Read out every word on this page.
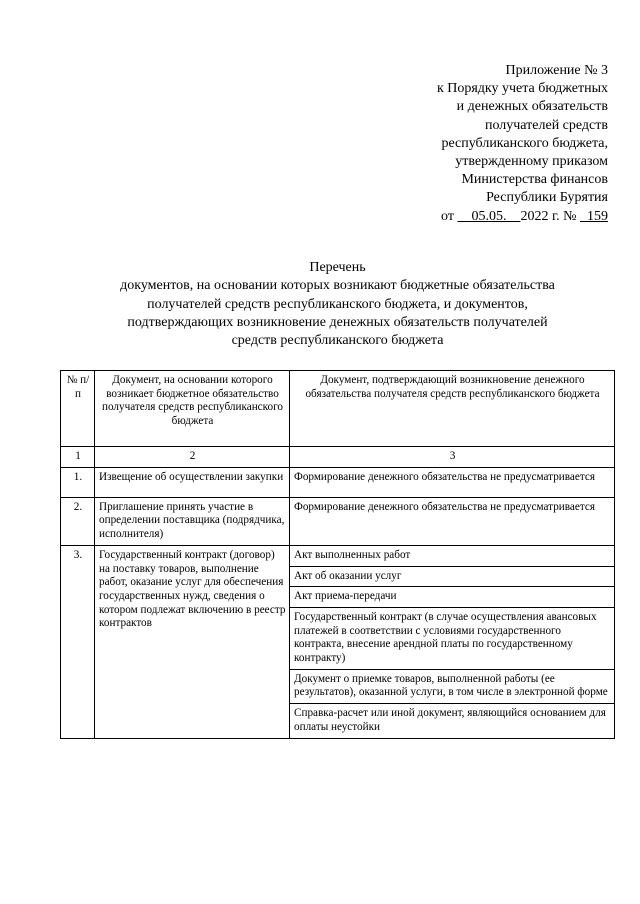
Приложение № 3
к Порядку учета бюджетных
и денежных обязательств
получателей средств
республиканского бюджета,
утвержденному приказом
Министерства финансов
Республики Бурятия
от 05.05. 2022 г. № 159
Перечень
документов, на основании которых возникают бюджетные обязательства
получателей средств республиканского бюджета, и документов,
подтверждающих возникновение денежных обязательств получателей
средств республиканского бюджета
№ п/п	Документ, на основании которого возникает бюджетное обязательство получателя средств республиканского бюджета	Документ, подтверждающий возникновение денежного обязательства получателя средств республиканского бюджета
1	2	3
1.	Извещение об осуществлении закупки	Формирование денежного обязательства не предусматривается
2.	Приглашение принять участие в определении поставщика (подрядчика, исполнителя)	Формирование денежного обязательства не предусматривается
3.	Государственный контракт (договор) на поставку товаров, выполнение работ, оказание услуг для обеспечения государственных нужд, сведения о котором подлежат включению в реестр контрактов	Акт выполненных работ
		Акт об оказании услуг
		Акт приема-передачи
		Государственный контракт (в случае осуществления авансовых платежей в соответствии с условиями государственного контракта, внесение арендной платы по государственному контракту)
		Документ о приемке товаров, выполненной работы (ее результатов), оказанной услуги, в том числе в электронной форме
		Справка-расчет или иной документ, являющийся основанием для оплаты неустойки
